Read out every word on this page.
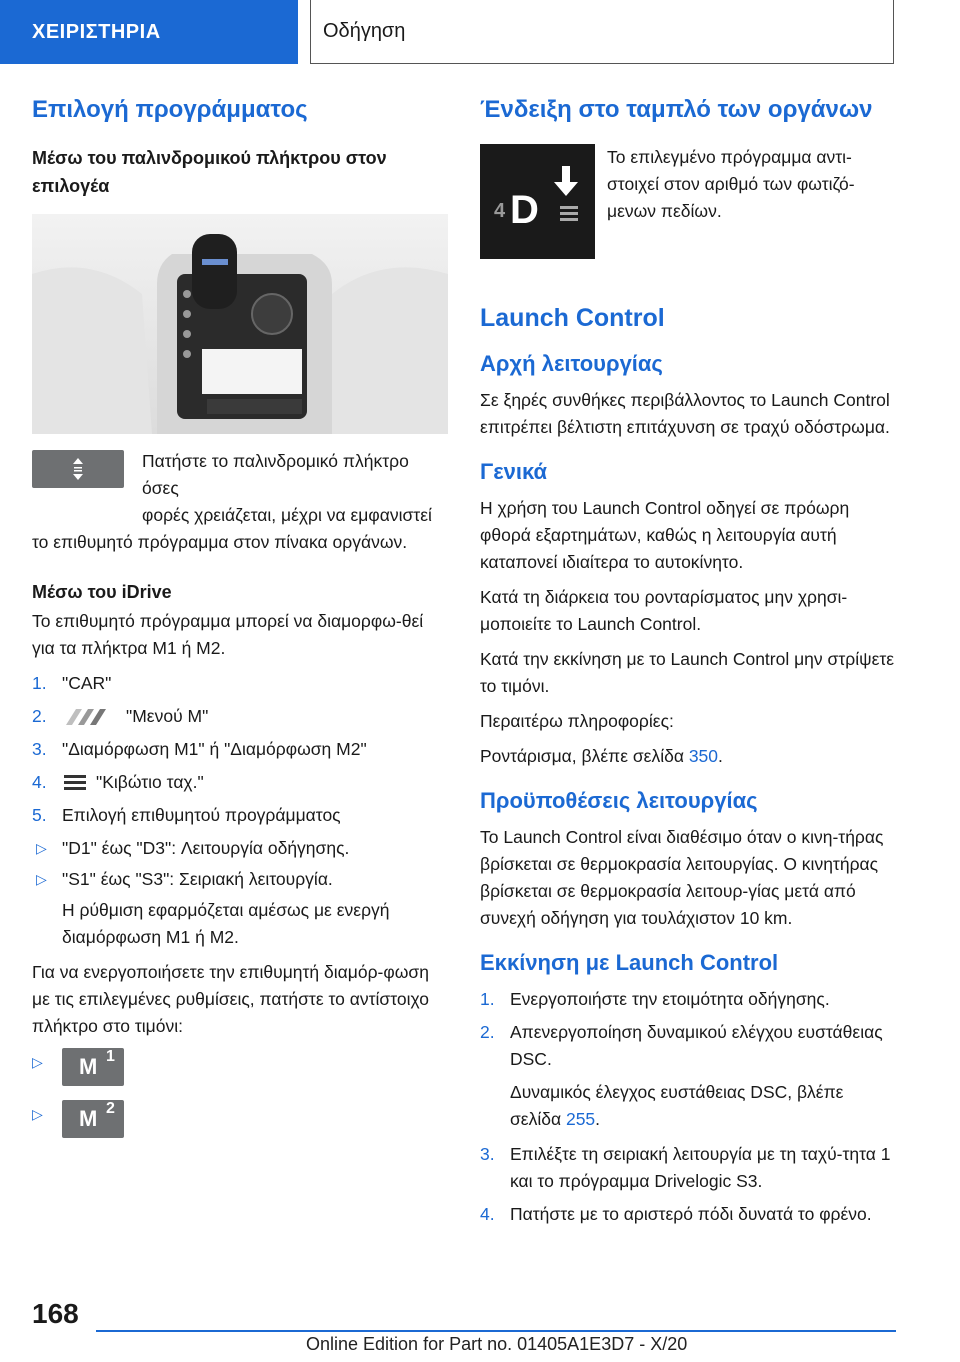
ΧΕΙΡΙΣΤΗΡΙΑ	Οδήγηση
Επιλογή προγράμματος
Μέσω του παλινδρομικού πλήκτρου στον επιλογέα

Πατήστε το παλινδρομικό πλήκτρο όσες

φορές χρειάζεται, μέχρι να εμφανιστεί

το επιθυμητό πρόγραμμα στον πίνακα οργάνων.

Μέσω του iDrive

Το επιθυμητό πρόγραμμα μπορεί να διαμορφω-θεί για τα πλήκτρα M1 ή M2.

1. "CAR"
2.	"Μενού M"
3. "Διαμόρφωση M1" ή "Διαμόρφωση M2"
4.	"Κιβώτιο ταχ."
5. Επιλογή επιθυμητού προγράμματος
▷ "D1" έως "D3": Λειτουργία οδήγησης.
▷ "S1" έως "S3": Σειριακή λειτουργία.

Η ρύθμιση εφαρμόζεται αμέσως με ενεργή διαμόρφωση M1 ή M2.

Για να ενεργοποιήσετε την επιθυμητή διαμόρ-φωση με τις επιλεγμένες ρυθμίσεις, πατήστε το αντίστοιχο πλήκτρο στο τιμόνι:

▷ M 1
▷ M 2
Ένδειξη στο ταμπλό των οργάνων
4 D

Το επιλεγμένο πρόγραμμα αντι-στοιχεί στον αριθμό των φωτιζό-μενων πεδίων.

Launch Control
Αρχή λειτουργίας

Σε ξηρές συνθήκες περιβάλλοντος το Launch Control επιτρέπει βέλτιστη επιτάχυνση σε τραχύ οδόστρωμα.

Γενικά

Η χρήση του Launch Control οδηγεί σε πρόωρη φθορά εξαρτημάτων, καθώς η λειτουργία αυτή καταπονεί ιδιαίτερα το αυτοκίνητο.

Κατά τη διάρκεια του ρονταρίσματος μην χρησι-μοποιείτε το Launch Control.

Κατά την εκκίνηση με το Launch Control μην στρίψετε το τιμόνι.

Περαιτέρω πληροφορίες:

Ροντάρισμα, βλέπε σελίδα 350.

Προϋποθέσεις λειτουργίας

Το Launch Control είναι διαθέσιμο όταν ο κινη-τήρας βρίσκεται σε θερμοκρασία λειτουργίας. Ο κινητήρας βρίσκεται σε θερμοκρασία λειτουρ-γίας μετά από συνεχή οδήγηση για τουλάχιστον 10 km.

Εκκίνηση με Launch Control
1. Ενεργοποιήστε την ετοιμότητα οδήγησης.
2. Απενεργοποίηση δυναμικού ελέγχου ευστάθειας DSC.

Δυναμικός έλεγχος ευστάθειας DSC, βλέπε σελίδα 255.

3. Επιλέξτε τη σειριακή λειτουργία με τη ταχύ-τητα 1 και το πρόγραμμα Drivelogic S3.
4. Πατήστε με το αριστερό πόδι δυνατά το φρένο.
168
Online Edition for Part no. 01405A1E3D7 - X/20
